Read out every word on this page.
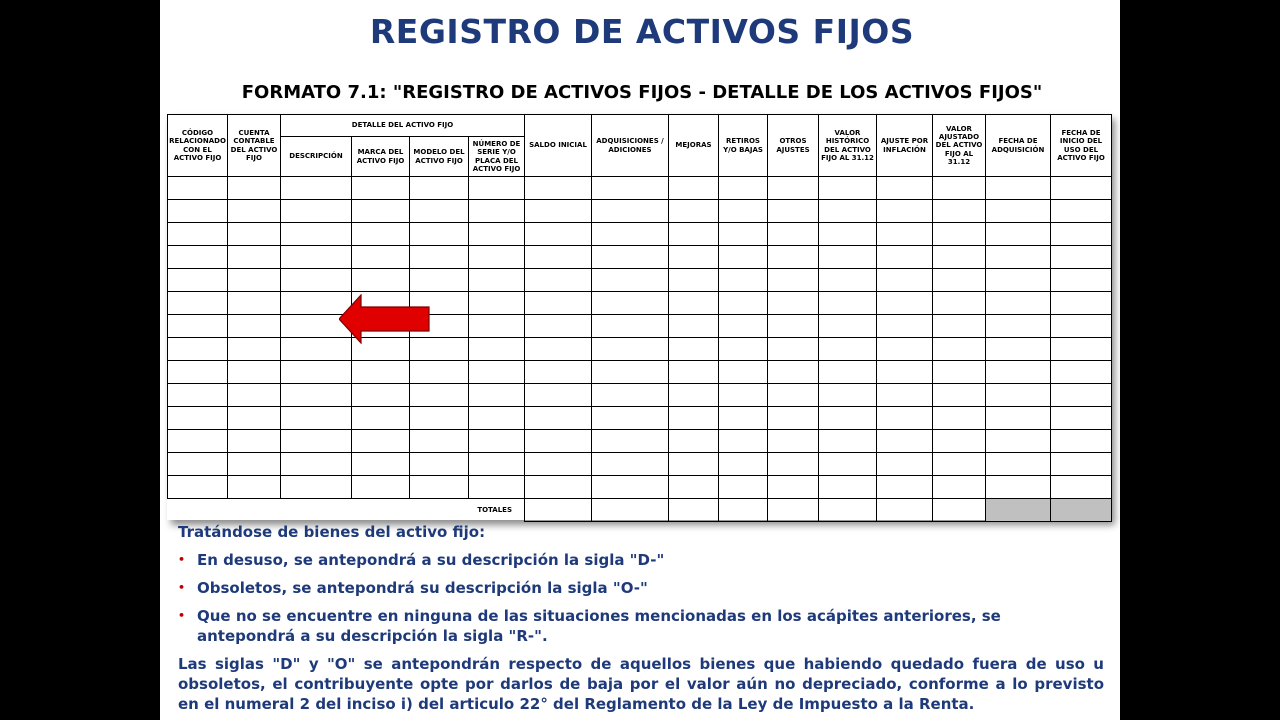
REGISTRO DE ACTIVOS FIJOS
FORMATO 7.1: "REGISTRO DE ACTIVOS FIJOS - DETALLE DE LOS ACTIVOS FIJOS"
CÓDIGO RELACIONADO CON EL ACTIVO FIJO	CUENTA CONTABLE DEL ACTIVO FIJO	DETALLE DEL ACTIVO FIJO				SALDO INICIAL	ADQUISICIONES / ADICIONES	MEJORAS	RETIROS Y/O BAJAS	OTROS AJUSTES	VALOR HISTÓRICO DEL ACTIVO FIJO AL 31.12	AJUSTE POR INFLACIÓN	VALOR AJUSTADO DEL ACTIVO FIJO AL 31.12	FECHA DE ADQUISICIÓN	FECHA DE INICIO DEL USO DEL ACTIVO FIJO
		DESCRIPCIÓN	MARCA DEL ACTIVO FIJO	MODELO DEL ACTIVO FIJO	NÚMERO DE SERIE Y/O PLACA DEL ACTIVO FIJO										

TOTALES															

Tratándose de bienes del activo fijo:

• En desuso, se antepondrá a su descripción la sigla "D-"
• Obsoletos, se antepondrá su descripción la sigla "O-"
• Que no se encuentre en ninguna de las situaciones mencionadas en los acápites anteriores, se antepondrá a su descripción la sigla "R-".

Las siglas "D" y "O" se antepondrán respecto de aquellos bienes que habiendo quedado fuera de uso u obsoletos, el contribuyente opte por darlos de baja por el valor aún no depreciado, conforme a lo previsto en el numeral 2 del inciso i) del articulo 22° del Reglamento de la Ley de Impuesto a la Renta.
